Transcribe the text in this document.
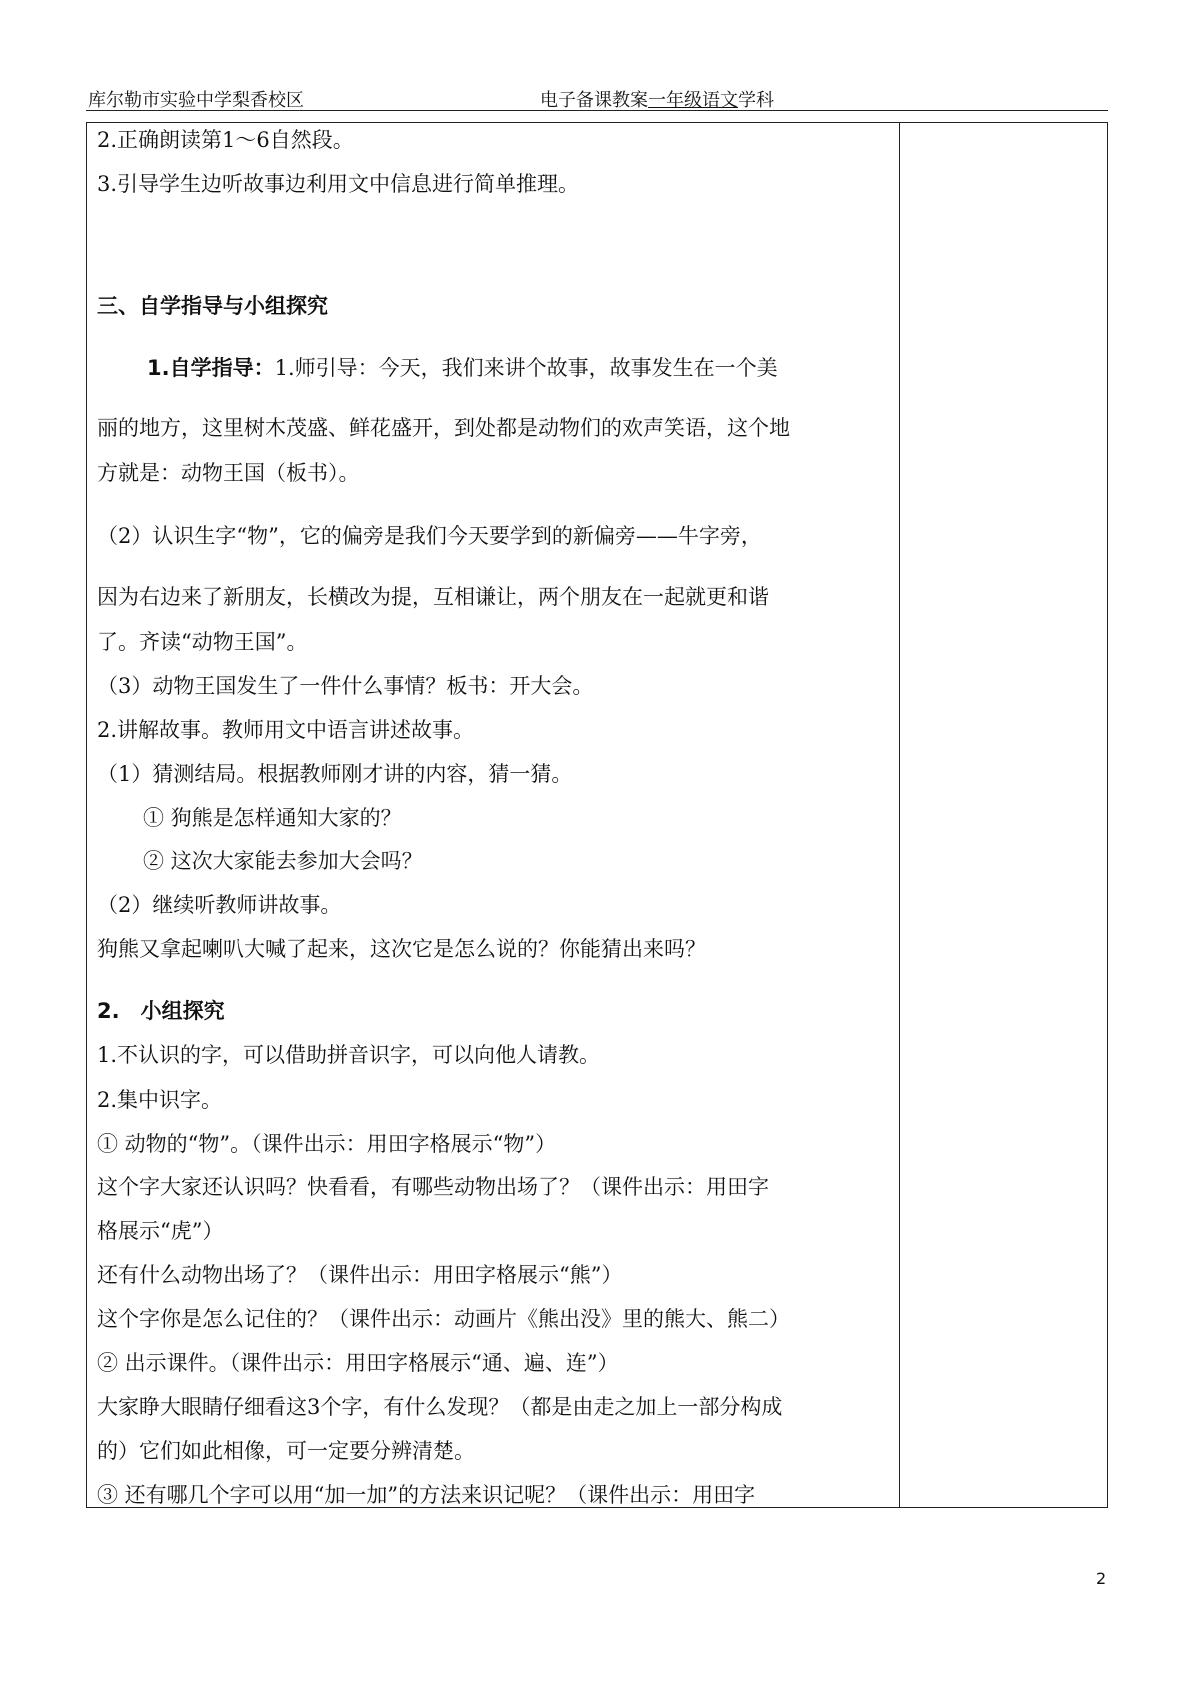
库尔勒市实验中学梨香校区	电子备课教案一年级语文学科
2.正确朗读第1～6自然段。
3.引导学生边听故事边利用文中信息进行简单推理。
三、自学指导与小组探究
1.自学指导：1.师引导：今天，我们来讲个故事，故事发生在一个美
丽的地方，这里树木茂盛、鲜花盛开，到处都是动物们的欢声笑语，这个地
方就是：动物王国（板书）。
（2）认识生字“物”，它的偏旁是我们今天要学到的新偏旁——牛字旁，
因为右边来了新朋友，长横改为提，互相谦让，两个朋友在一起就更和谐
了。齐读“动物王国”。
（3）动物王国发生了一件什么事情？板书：开大会。
2.讲解故事。教师用文中语言讲述故事。
（1）猜测结局。根据教师刚才讲的内容，猜一猜。
① 狗熊是怎样通知大家的？
② 这次大家能去参加大会吗？
（2）继续听教师讲故事。
狗熊又拿起喇叭大喊了起来，这次它是怎么说的？你能猜出来吗？
2.　小组探究
1.不认识的字，可以借助拼音识字，可以向他人请教。
2.集中识字。
① 动物的“物”。（课件出示：用田字格展示“物”）
这个字大家还认识吗？快看看，有哪些动物出场了？（课件出示：用田字
格展示“虎”）
还有什么动物出场了？（课件出示：用田字格展示“熊”）
这个字你是怎么记住的？（课件出示：动画片《熊出没》里的熊大、熊二）
② 出示课件。（课件出示：用田字格展示“通、遍、连”）
大家睁大眼睛仔细看这3个字，有什么发现？（都是由走之加上一部分构成
的）它们如此相像，可一定要分辨清楚。
③ 还有哪几个字可以用“加一加”的方法来识记呢？（课件出示：用田字
2
